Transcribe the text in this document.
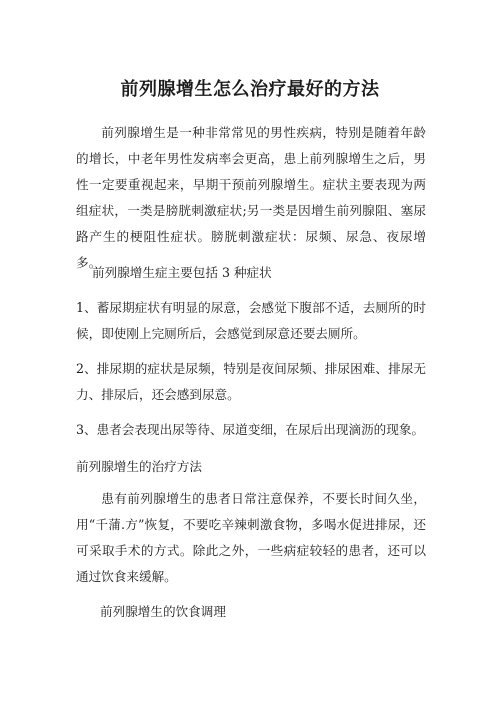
前列腺增生怎么治疗最好的方法

前列腺增生是一种非常常见的男性疾病，特别是随着年龄的增长，中老年男性发病率会更高，患上前列腺增生之后，男性一定要重视起来，早期干预前列腺增生。症状主要表现为两组症状，一类是膀胱刺激症状;另一类是因增生前列腺阻、塞尿路产生的梗阻性症状。膀胱刺激症状：尿频、尿急、夜尿增多。

前列腺增生症主要包括 3 种症状

1、蓄尿期症状有明显的尿意，会感觉下腹部不适，去厕所的时候，即使刚上完厕所后，会感觉到尿意还要去厕所。

2、排尿期的症状是尿频，特别是夜间尿频、排尿困难、排尿无力、排尿后，还会感到尿意。

3、患者会表现出尿等待、尿道变细，在尿后出现滴沥的现象。

前列腺增生的治疗方法

患有前列腺增生的患者日常注意保养，不要长时间久坐，用“千蒲.方”恢复，不要吃辛辣刺激食物，多喝水促进排尿，还可采取手术的方式。除此之外，一些病症较轻的患者，还可以通过饮食来缓解。

前列腺增生的饮食调理
